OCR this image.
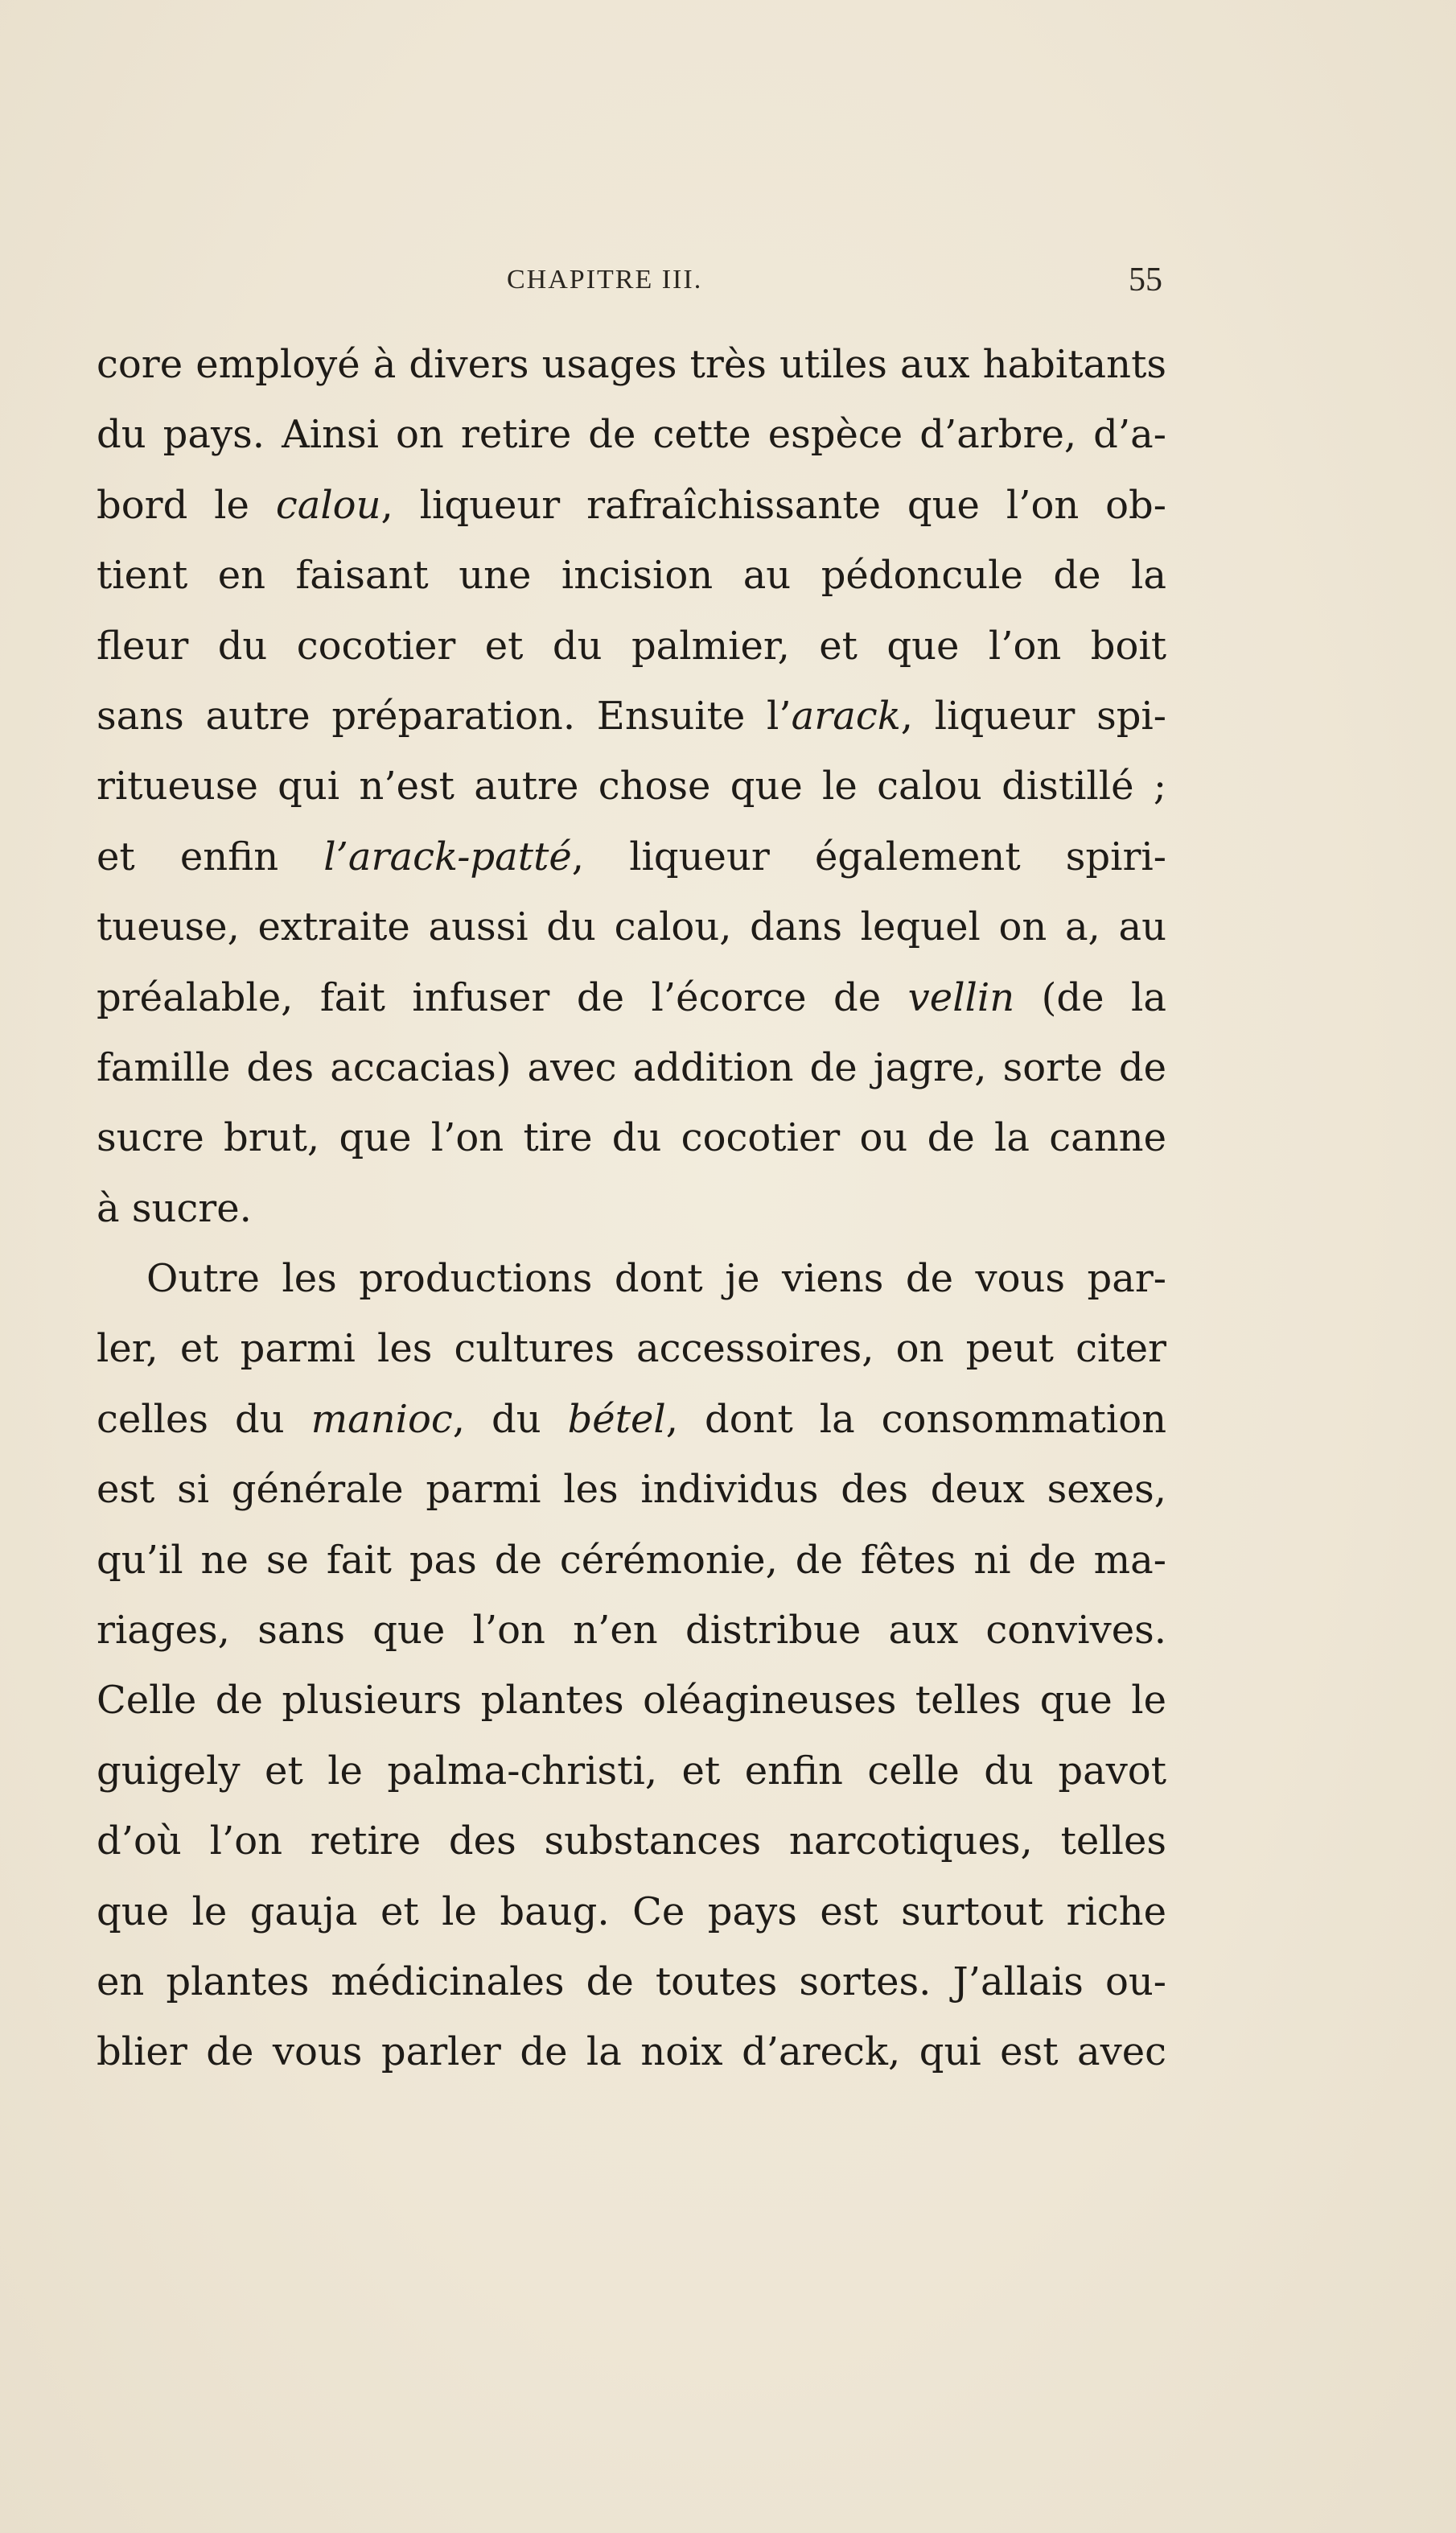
CHAPITRE III.	55
core employé à divers usages très utiles aux habitants
du pays. Ainsi on retire de cette espèce d’arbre, d’a-
bord le calou, liqueur rafraîchissante que l’on ob-
tient en faisant une incision au pédoncule de la
fleur du cocotier et du palmier, et que l’on boit
sans autre préparation. Ensuite l’arack, liqueur spi-
ritueuse qui n’est autre chose que le calou distillé ;
et enfin l’arack-patté, liqueur également spiri-
tueuse, extraite aussi du calou, dans lequel on a, au
préalable, fait infuser de l’écorce de vellin (de la
famille des accacias) avec addition de jagre, sorte de
sucre brut, que l’on tire du cocotier ou de la canne
à sucre.
Outre les productions dont je viens de vous par-
ler, et parmi les cultures accessoires, on peut citer
celles du manioc, du bétel, dont la consommation
est si générale parmi les individus des deux sexes,
qu’il ne se fait pas de cérémonie, de fêtes ni de ma-
riages, sans que l’on n’en distribue aux convives.
Celle de plusieurs plantes oléagineuses telles que le
guigely et le palma-christi, et enfin celle du pavot
d’où l’on retire des substances narcotiques, telles
que le gauja et le baug. Ce pays est surtout riche
en plantes médicinales de toutes sortes. J’allais ou-
blier de vous parler de la noix d’areck, qui est avec
